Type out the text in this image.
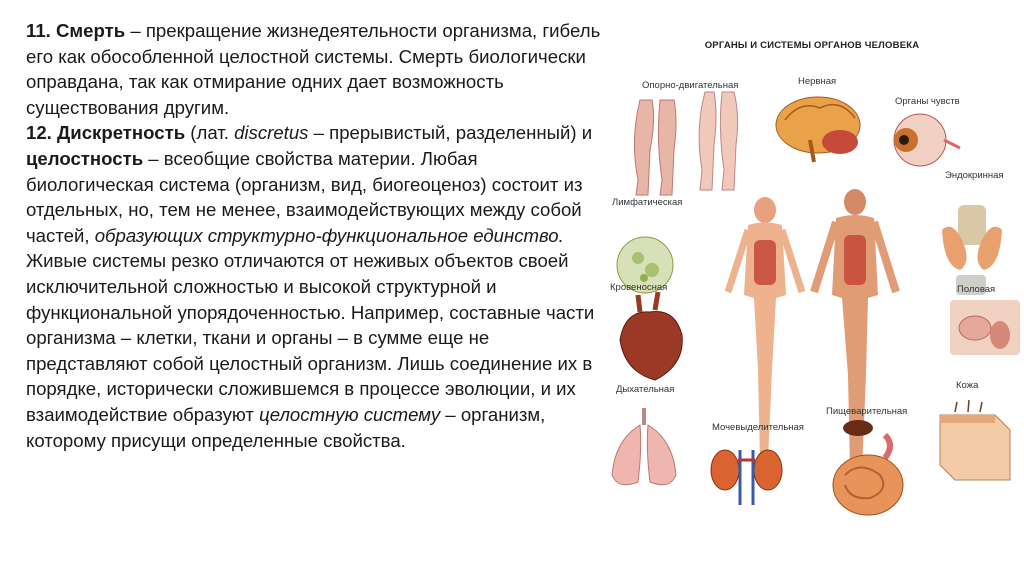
11. Смерть – прекращение жизнедеятельности организма, гибель его как обособленной целостной системы. Смерть биологически оправдана, так как отмирание одних дает возможность существования другим.

12. Дискретность (лат. discretus – прерывистый, разделенный) и целостность – всеобщие свойства материи. Любая биологическая система (организм, вид, биогеоценоз) состоит из отдельных, но, тем не менее, взаимодействующих между собой частей, образующих структурно-функциональное единство. Живые системы резко отличаются от неживых объектов своей исключительной сложностью и высокой структурной и функциональной упорядоченностью. Например, составные части организма – клетки, ткани и органы – в сумме еще не представляют собой целостный организм. Лишь соединение их в порядке, исторически сложившемся в процессе эволюции, и их взаимодействие образуют целостную систему – организм, которому присущи определенные свойства.

ОРГАНЫ И СИСТЕМЫ ОРГАНОВ ЧЕЛОВЕКА
Опорно-двигательная	Нервная
Органы чувств
Эндокринная
Лимфатическая
Кровеносная	Половая
Дыхательная
Мочевыделительная
Пищеварительная
Кожа
